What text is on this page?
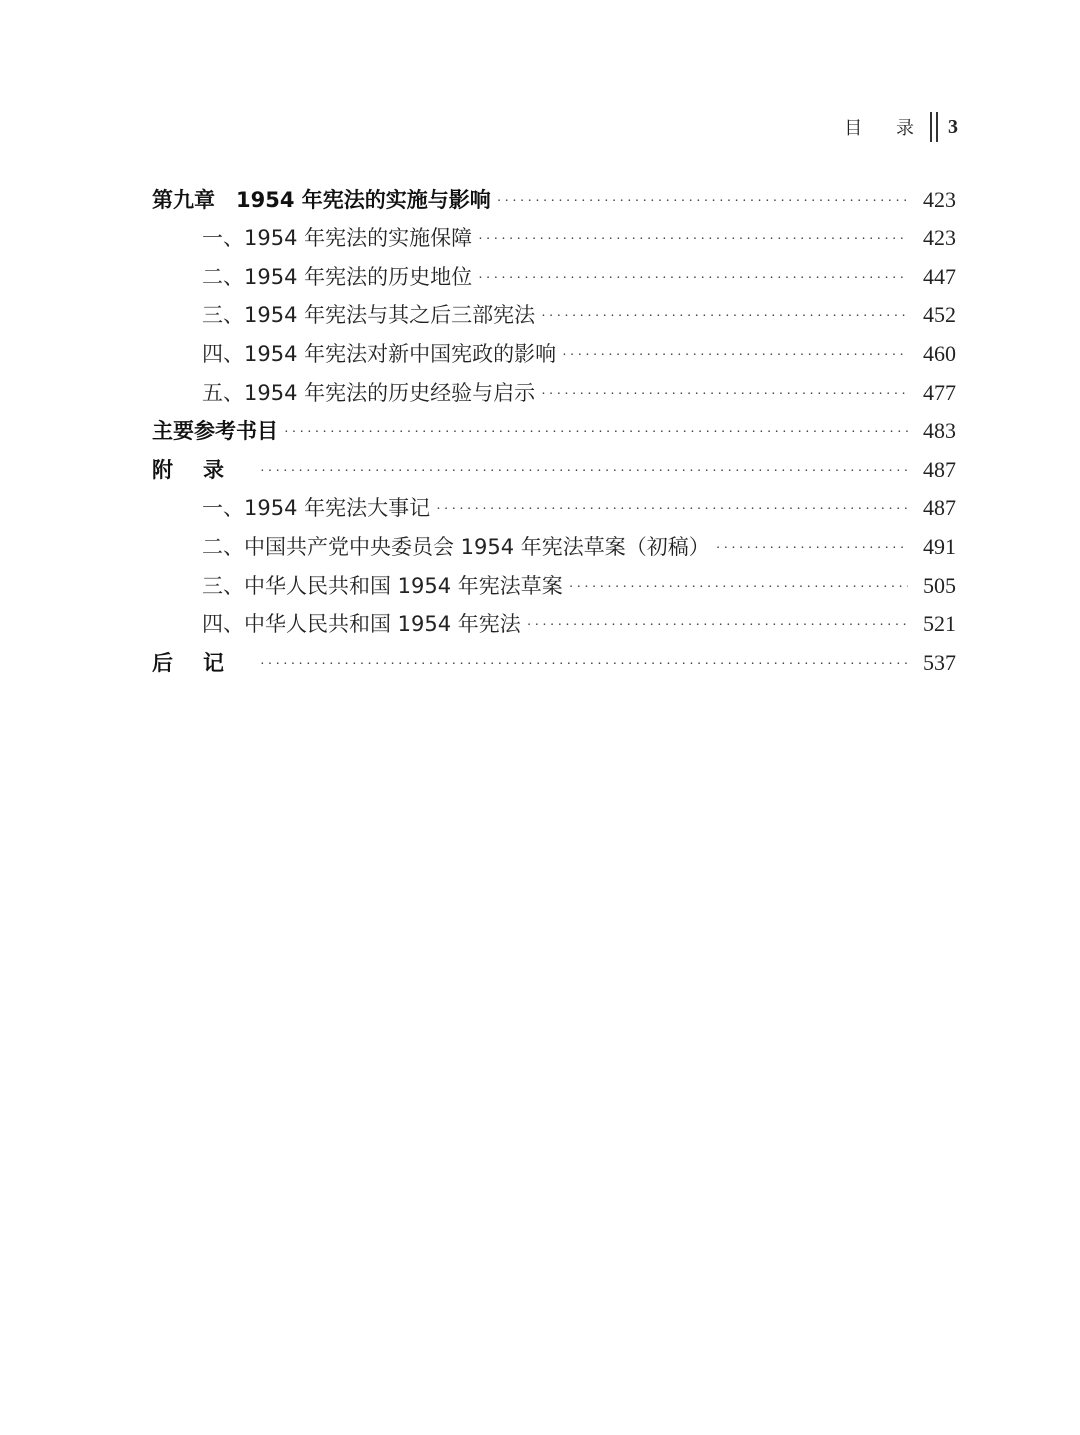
目 录 3
第九章　1954 年宪法的实施与影响 ·····	423
一、1954 年宪法的实施保障 ·····	423
二、1954 年宪法的历史地位 ·····	447
三、1954 年宪法与其之后三部宪法 ·····	452
四、1954 年宪法对新中国宪政的影响 ·····	460
五、1954 年宪法的历史经验与启示 ·····	477
主要参考书目 ·····	483
附录 ·····	487
一、1954 年宪法大事记 ·····	487
二、中国共产党中央委员会 1954 年宪法草案（初稿） ·····	491
三、中华人民共和国 1954 年宪法草案 ·····	505
四、中华人民共和国 1954 年宪法 ·····	521
后记 ·····	537
